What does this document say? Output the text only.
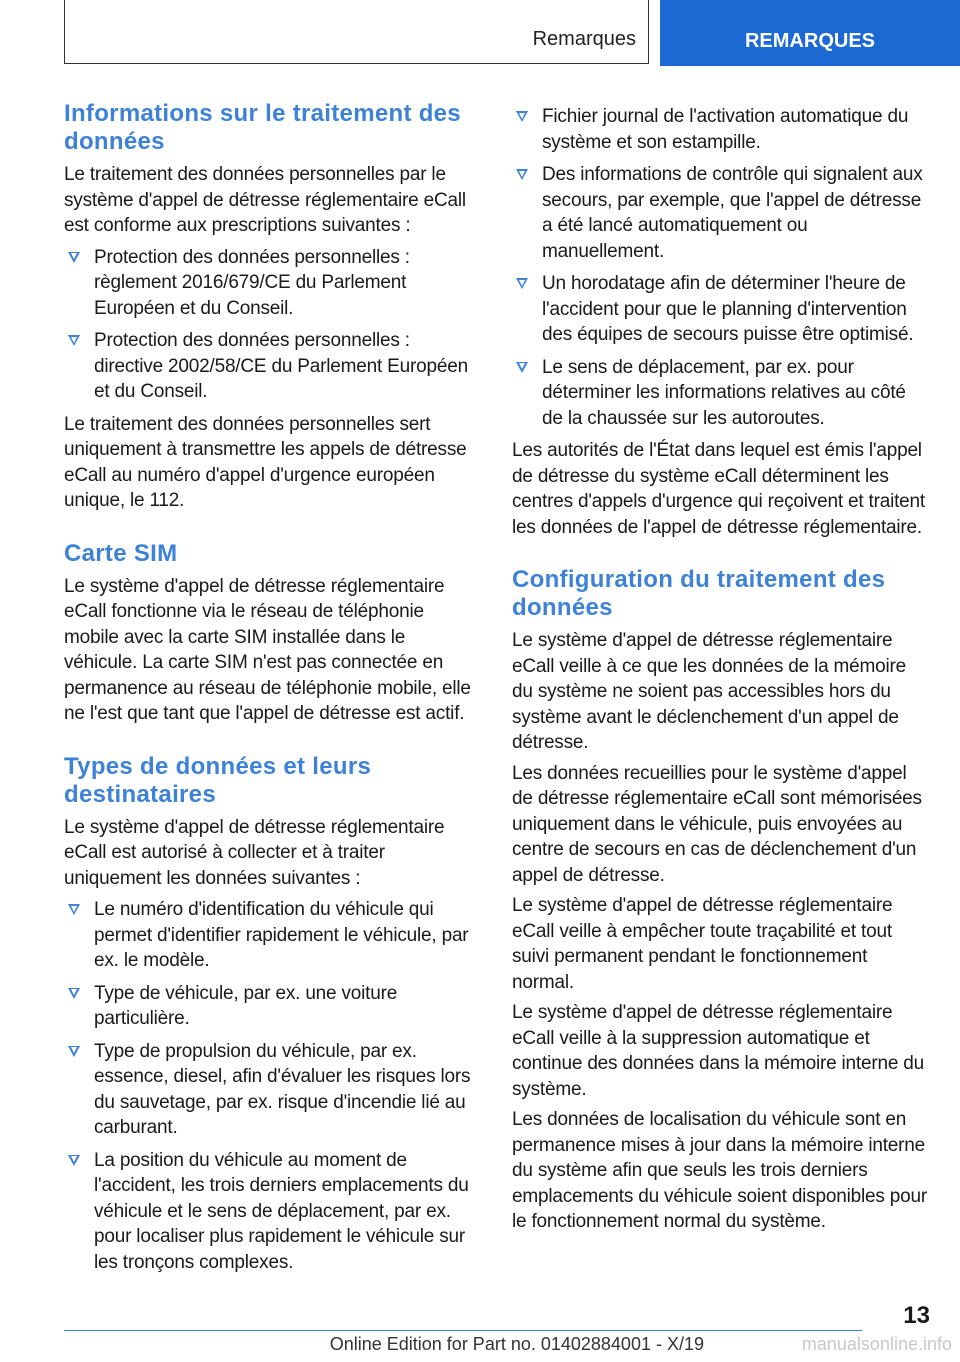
Remarques	REMARQUES
Informations sur le traitement des données

Le traitement des données personnelles par le système d'appel de détresse réglementaire eCall est conforme aux prescriptions suivantes :

Protection des données personnelles : règlement 2016/679/CE du Parlement Européen et du Conseil.
Protection des données personnelles : directive 2002/58/CE du Parlement Européen et du Conseil.

Le traitement des données personnelles sert uniquement à transmettre les appels de détresse eCall au numéro d'appel d'urgence européen unique, le 112.

Carte SIM

Le système d'appel de détresse réglementaire eCall fonctionne via le réseau de téléphonie mobile avec la carte SIM installée dans le véhicule. La carte SIM n'est pas connectée en permanence au réseau de téléphonie mobile, elle ne l'est que tant que l'appel de détresse est actif.

Types de données et leurs destinataires

Le système d'appel de détresse réglementaire eCall est autorisé à collecter et à traiter uniquement les données suivantes :

Le numéro d'identification du véhicule qui permet d'identifier rapidement le véhicule, par ex. le modèle.
Type de véhicule, par ex. une voiture particulière.
Type de propulsion du véhicule, par ex. essence, diesel, afin d'évaluer les risques lors du sauvetage, par ex. risque d'incendie lié au carburant.
La position du véhicule au moment de l'accident, les trois derniers emplacements du véhicule et le sens de déplacement, par ex. pour localiser plus rapidement le véhicule sur les tronçons complexes.
Fichier journal de l'activation automatique du système et son estampille.
Des informations de contrôle qui signalent aux secours, par exemple, que l'appel de détresse a été lancé automatiquement ou manuellement.
Un horodatage afin de déterminer l'heure de l'accident pour que le planning d'intervention des équipes de secours puisse être optimisé.
Le sens de déplacement, par ex. pour déterminer les informations relatives au côté de la chaussée sur les autoroutes.

Les autorités de l'État dans lequel est émis l'appel de détresse du système eCall déterminent les centres d'appels d'urgence qui reçoivent et traitent les données de l'appel de détresse réglementaire.

Configuration du traitement des données

Le système d'appel de détresse réglementaire eCall veille à ce que les données de la mémoire du système ne soient pas accessibles hors du système avant le déclenchement d'un appel de détresse.

Les données recueillies pour le système d'appel de détresse réglementaire eCall sont mémorisées uniquement dans le véhicule, puis envoyées au centre de secours en cas de déclenchement d'un appel de détresse.

Le système d'appel de détresse réglementaire eCall veille à empêcher toute traçabilité et tout suivi permanent pendant le fonctionnement normal.

Le système d'appel de détresse réglementaire eCall veille à la suppression automatique et continue des données dans la mémoire interne du système.

Les données de localisation du véhicule sont en permanence mises à jour dans la mémoire interne du système afin que seuls les trois derniers emplacements du véhicule soient disponibles pour le fonctionnement normal du système.

13
Online Edition for Part no. 01402884001 - X/19	manualsonline.info
